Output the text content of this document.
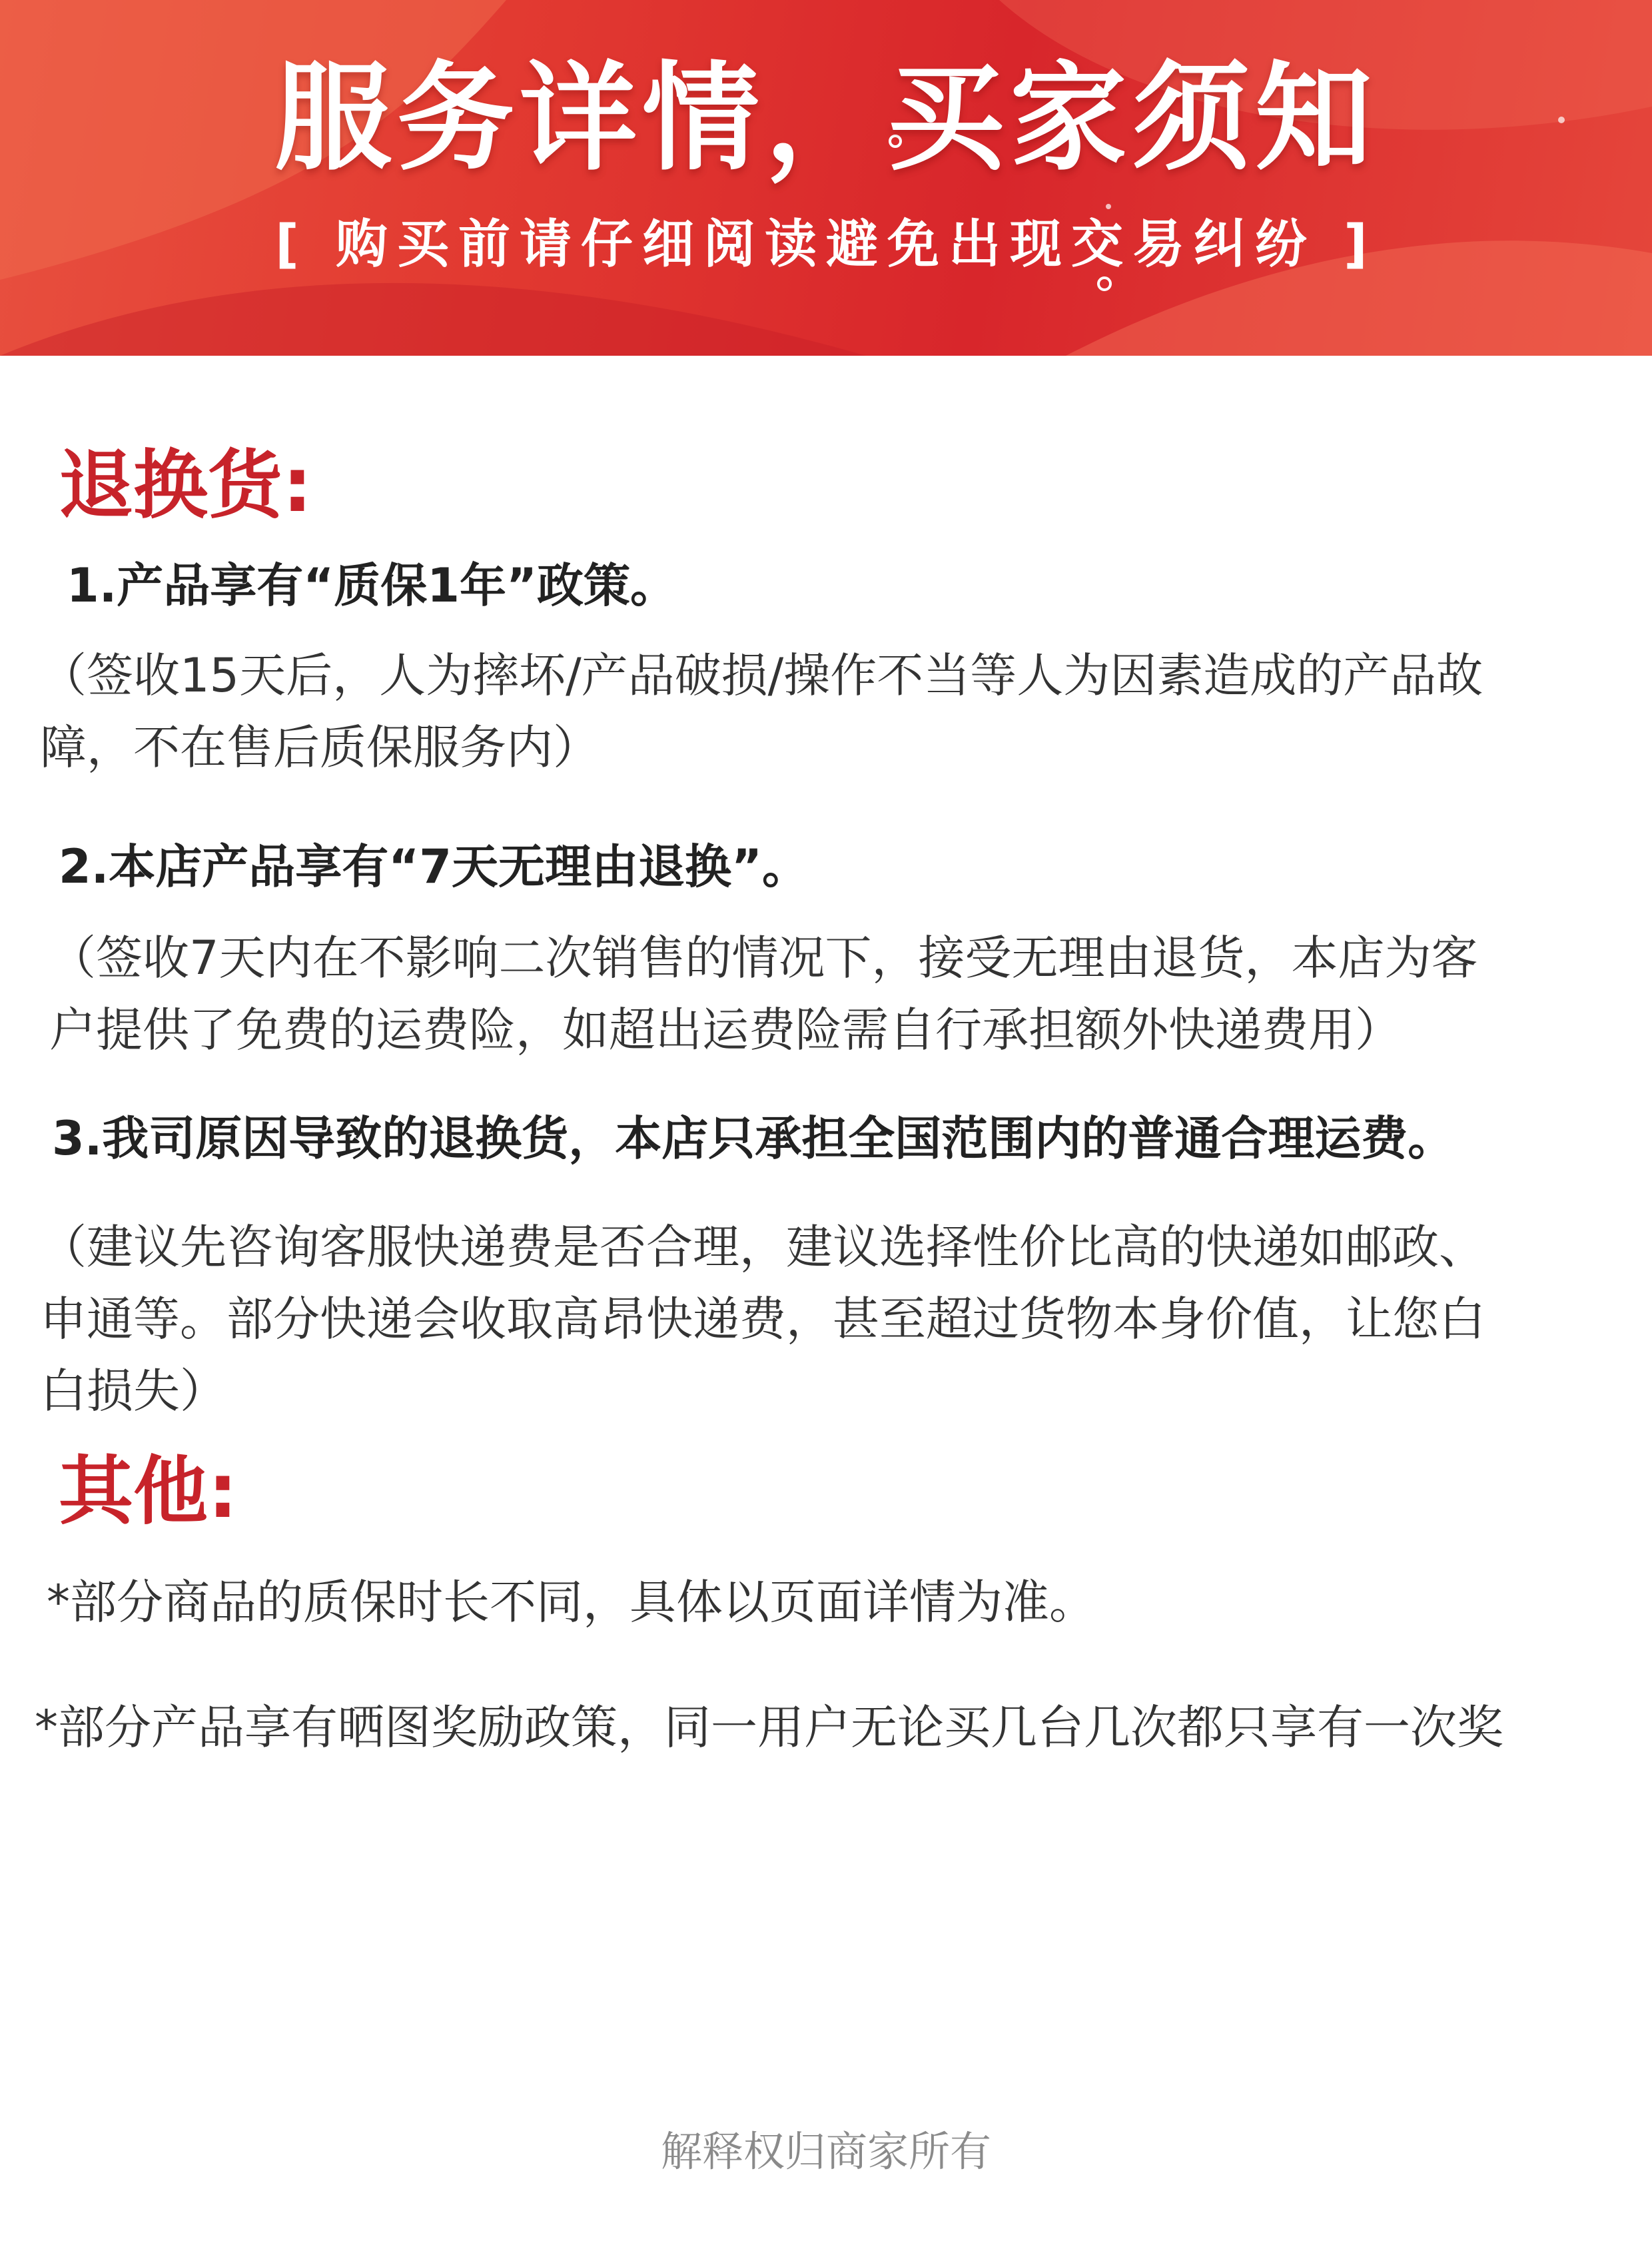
服务详情，买家须知
[ 购买前请仔细阅读避免出现交易纠纷 ]
退换货:
1.产品享有“质保1年”政策。
（签收15天后，人为摔坏/产品破损/操作不当等人为因素造成的产品故
障，不在售后质保服务内）
2.本店产品享有“7天无理由退换”。
（签收7天内在不影响二次销售的情况下，接受无理由退货，本店为客
户提供了免费的运费险，如超出运费险需自行承担额外快递费用）
3.我司原因导致的退换货，本店只承担全国范围内的普通合理运费。
（建议先咨询客服快递费是否合理，建议选择性价比高的快递如邮政、
申通等。部分快递会收取高昂快递费，甚至超过货物本身价值，让您白
白损失）
其他:
*部分商品的质保时长不同，具体以页面详情为准。
*部分产品享有晒图奖励政策，同一用户无论买几台几次都只享有一次奖
解释权归商家所有
